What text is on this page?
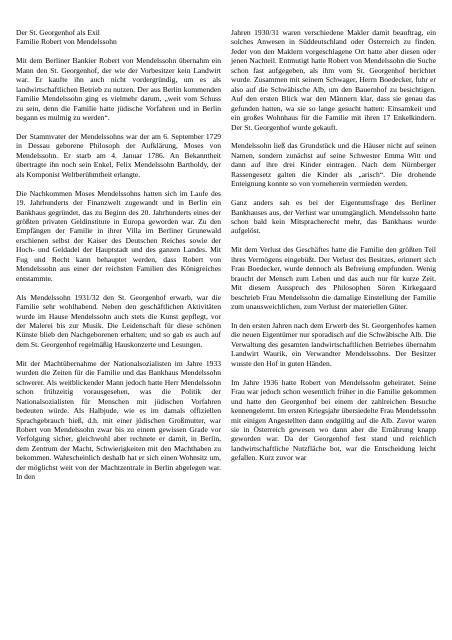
Der St. Georgenhof als Exil

Familie Robert von Mendelssohn

Mit dem Berliner Bankier Robert von Mendelssohn übernahm ein Mann den St. Georgenhof, der wie der Vorbesitzer kein Landwirt war. Er kaufte ihn auch nicht vordergründig, um es als landwirtschaftlichen Betrieb zu nutzen. Der aus Berlin kommenden Familie Mendelssohn ging es vielmehr darum, „weit vom Schuss zu sein, denn die Familie hatte jüdische Vorfahren und in Berlin begann es mulmig zu werden“.

Der Stammvater der Mendelssohns war der am 6. September 1729 in Dessau geborene Philosoph der Aufklärung, Moses von Mendelssohn. Er starb am 4. Januar 1786. An Bekanntheit übertragte ihn noch sein Enkel, Felix Mendelssohn Bartholdy, der als Komponist Weltberühmtheit erlangte.

Die Nachkommen Moses Mendelssohns hatten sich im Laufe des 19. Jahrhunderts der Finanzwelt zugewandt und in Berlin ein Bankhaus gegründet, das zu Beginn des 20. Jahrhunderts eines der größten privaten Geldinstitute in Europa geworden war. Zu den Empfängen der Familie in ihrer Villa im Berliner Grunewald erschienen selbst der Kaiser des Deutschen Reiches sowie der Hoch- und Geldadel der Hauptstadt und des ganzen Landes. Mit Fug und Recht kann behauptet werden, dass Robert von Mendelssohn aus einer der reichsten Familien des Königreiches entstammte.

Als Mendelssohn 1931/32 den St. Georgenhof erwarb, war die Familie sehr wohlhabend. Neben den geschäftlichen Aktivitäten wurde im Hause Mendelssohn auch stets die Kunst gepflegt, vor der Malerei bis zur Musik. Die Leidenschaft für diese schönen Künste blieb den Nachgeborenen erhalten; und so gab es auch auf dem St. Georgenhof regelmäßig Hauskonzerte und Lesungen.

Mit der Machtübernahme der Nationalsozialisten im Jahre 1933 wurden die Zeiten für die Familie und das Bankhaus Mendelssohn schwerer. Als weitblickender Mann jedoch hatte Herr Mendelssohn schon frühzeitig vorausgesehen, was die Politik der Nationalsozialisten für Menschen mit jüdischen Vorfahren bedeuten würde. Als Halbjude, wie es im damals offiziellen Sprachgebrauch hieß, d.h. mit einer jüdischen Großmutter, war Robert von Mendelssohn zwar bis zu einem gewissen Grade vor Verfolgung sicher, gleichwohl aber rechnete er damit, in Berlin, dem Zentrum der Macht, Schwierigkeiten mit den Machthaben zu bekommen. Wahrscheinlich deshalb hat er sich einen Wohnsitz um, der möglichst weit von der Machtzentrale in Berlin abgelegen war. In den

Jahren 1930/31 waren verschiedene Makler damit beauftrag, ein solches Anwesen in Süddeutschland oder Österreich zu finden. Jeder von den Maklern vorgeschlagene Ort hatte aber diesen oder jenen Nachteil. Entmutigt hatte Robert von Mendelssohn die Suche schon fast aufgegeben, als ihm vom St. Georgenhof berichtet wurde. Zusammen mit seinem Schwager, Herrn Boedecker, fuhr er also auf die Schwäbische Alb, um den Bauernhof zu besichtigen. Auf den ersten Blick war den Männern klar, dass sie genau das gefunden hatten, wa sie so lange gesucht hatten: Einsamkeit und ein großes Wohnhaus für die Familie mit ihren 17 Enkelkindern. Der St. Georgenhof wurde gekauft.

Mendelssohn ließ das Grundstück und die Häuser nicht auf seinen Namen, sondern zunächst auf seine Schwester Emma Witt und dann auf ihre drei Kinder eintragen. Nach dem Nürnberger Rassengesetz galten die Kinder als „arisch“. Die drohende Enteignung konnte so von vorneherein vermieden werden.

Ganz anders sah es bei der Eigentumsfrage des Berliner Bankhauses aus, der Verlust war unumgänglich. Mendelssohn hatte schon bald kein Mitspracherecht mehr, das Bankhaus wurde aufgelöst.

Mit dem Verlust des Geschäftes hatte die Familie den größten Teil ihres Vermögens eingebüßt. Der Verlust des Besitzes, erinnert sich Frau Boedecker, wurde dennoch als Befreiung empfunden. Wenig braucht der Mensch zum Leben und das auch nur für kurze Zeit. Mit diesem Ausspruch des Philosophen Sören Kirkegaard beschrieb Frau Mendelssohn die damalige Einstellung der Familie zum unausweichlichen, zum Verlust der materiellen Güter.

In den ersten Jahren nach dem Erwerb des St. Georgenhofes kamen die neuen Eigentümer nur sporadisch auf die Schwäbische Alb. Die Verwaltung des gesamten landwirtschaftlichen Betriebes übernahm Landwirt Waurik, ein Verwandter Mendelssohns. Der Besitzer wusste den Hof in guten Händen.

Im Jahre 1936 hatte Robert von Mendelssohn geheiratet. Seine Frau war jedoch schon wesentlich früher in die Familie gekommen und hatte den Georgenhof bei einem der zahlreichen Besuche kennengelernt. Im ersten Kriegsjahr übersiedelte Frau Mendelssohn mit einigen Angestellten dann endgültig auf die Alb. Zuvor waren sie in Österreich gewesen wo dann aber die Ernährung knapp geworden war. Da der Georgenhof fest stand und reichlich landwirtschaftliche Nutzfläche bot, war die Entscheidung leicht gefallen. Kurz zuvor war
